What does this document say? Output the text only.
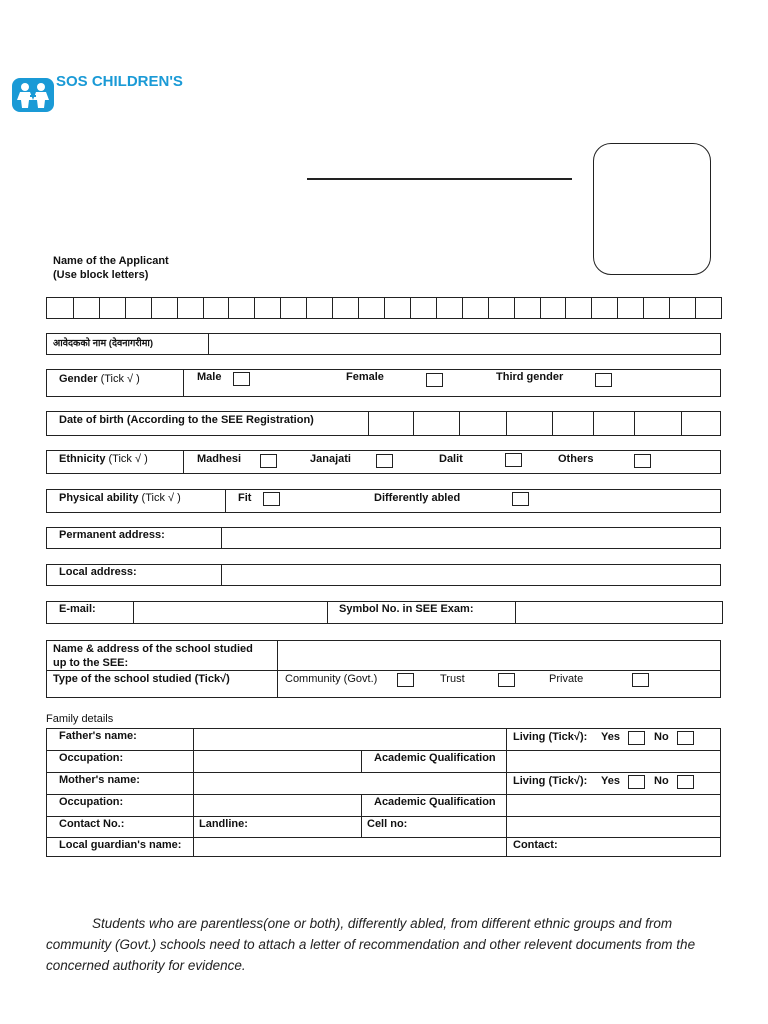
SOS CHILDREN'S
Name of the Applicant
(Use block letters)
आवेदकको नाम (देवनागरीमा)
Gender (Tick √ )	Male	Female	Third gender
Date of birth (According to the SEE Registration)
Ethnicity (Tick √ )	Madhesi	Janajati	Dalit	Others
Physical ability (Tick √ )	Fit	Differently abled
Permanent address:
Local address:
E-mail:	Symbol No. in SEE Exam:
Name & address of the school studied
up to the SEE:
Type of the school studied (Tick√)	Community (Govt.)	Trust	Private
Family details
Father's name:	Living (Tick√): Yes	No
Occupation:	Academic Qualification
Mother's name:	Living (Tick√): Yes	No
Occupation:	Academic Qualification
Contact No.:	Landline:	Cell no:
Local guardian's name:	Contact:
Students who are parentless(one or both), differently abled, from different ethnic groups and from community (Govt.) schools need to attach a letter of recommendation and other relevent documents from the concerned authority for evidence.
